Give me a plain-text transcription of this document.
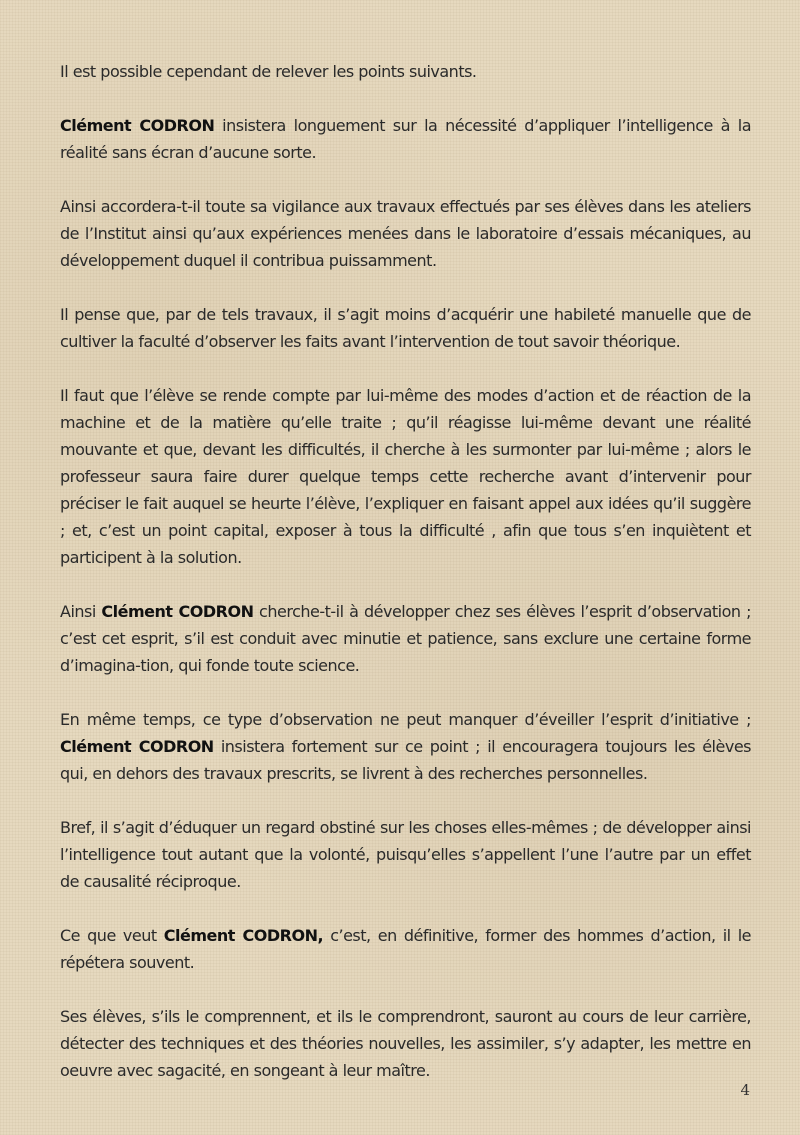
Il est possible cependant de relever les points suivants.

Clément CODRON insistera longuement sur la nécessité d’appliquer l’intelligence à la réalité sans écran d’aucune sorte.

Ainsi accordera-t-il toute sa vigilance aux travaux effectués par ses élèves dans les ateliers de l’Institut ainsi qu’aux expériences menées dans le laboratoire d’essais mécaniques, au développement duquel il contribua puissamment.

Il pense que, par de tels travaux, il s’agit moins d’acquérir une habileté manuelle que de cultiver la faculté d’observer les faits avant l’intervention de tout savoir théorique.

Il faut que l’élève se rende compte par lui-même des modes d’action et de réaction de la machine et de la matière qu’elle traite ; qu’il réagisse lui-même devant une réalité mouvante et que, devant les difficultés, il cherche à les surmonter par lui-même ; alors le professeur saura faire durer quelque temps cette recherche avant d’intervenir pour préciser le fait auquel se heurte l’élève, l’expliquer en faisant appel aux idées qu’il suggère ; et, c’est un point capital, exposer à tous la difficulté , afin que tous s’en inquiètent et participent à la solution.

Ainsi Clément CODRON cherche-t-il à développer chez ses élèves l’esprit d’observation ; c’est cet esprit, s’il est conduit avec minutie et patience, sans exclure une certaine forme d’imagina-tion, qui fonde toute science.

En même temps, ce type d’observation ne peut manquer d’éveiller l’esprit d’initiative ; Clément CODRON insistera fortement sur ce point ; il encouragera toujours les élèves qui, en dehors des travaux prescrits, se livrent à des recherches personnelles.

Bref, il s’agit d’éduquer un regard obstiné sur les choses elles-mêmes ; de développer ainsi l’intelligence tout autant que la volonté, puisqu’elles s’appellent l’une l’autre par un effet de causalité réciproque.

Ce que veut Clément CODRON, c’est, en définitive, former des hommes d’action, il le répétera souvent.

Ses élèves, s’ils le comprennent, et ils le comprendront, sauront au cours de leur carrière, détecter des techniques et des théories nouvelles, les assimiler, s’y adapter, les mettre en oeuvre avec sagacité, en songeant à leur maître.

4
